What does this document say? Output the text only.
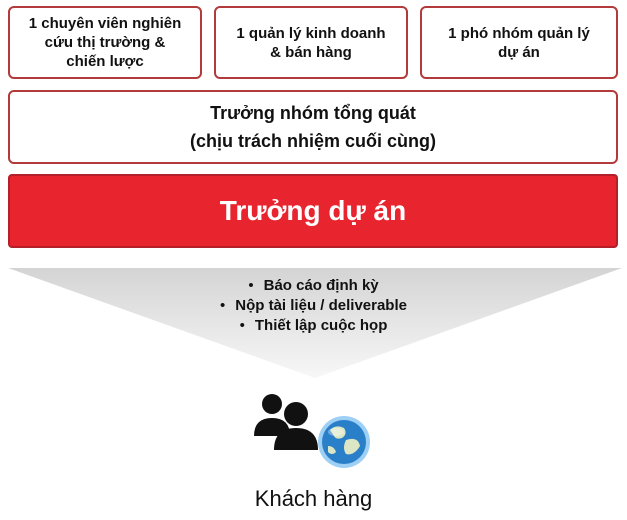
1 chuyên viên nghiên
cứu thị trường &
chiến lược
1 quản lý kinh doanh
& bán hàng
1 phó nhóm quản lý
dự án
Trưởng nhóm tổng quát
(chịu trách nhiệm cuối cùng)
Trưởng dự án
• Báo cáo định kỳ
• Nộp tài liệu / deliverable
• Thiết lập cuộc họp
Khách hàng
